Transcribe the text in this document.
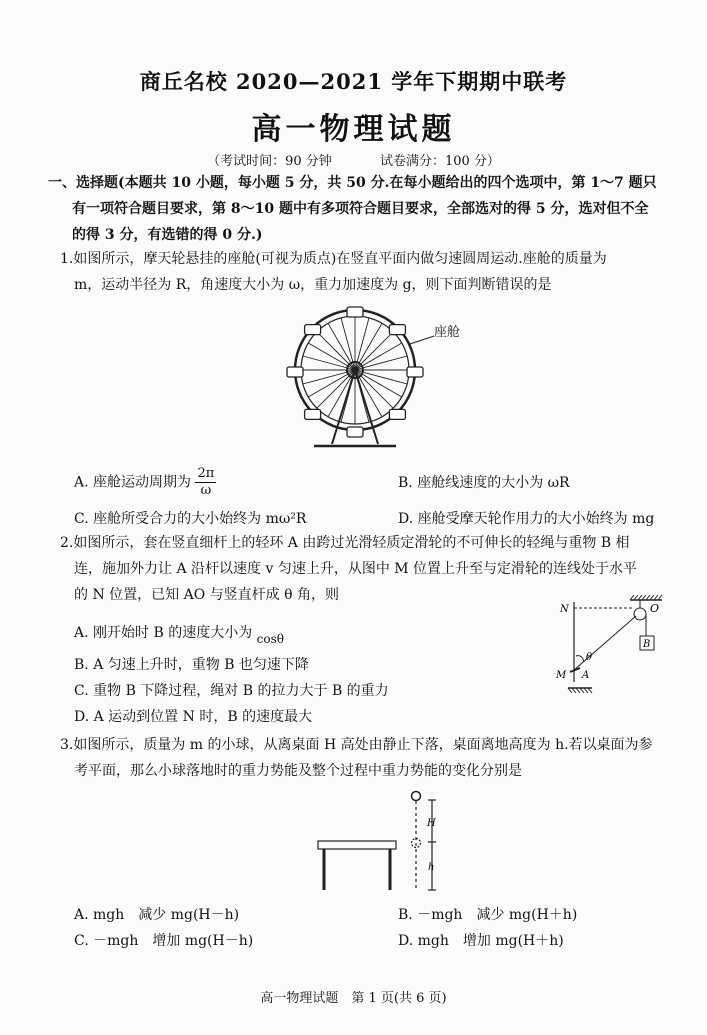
商丘名校 2020—2021 学年下期期中联考
高一物理试题
（考试时间：90 分钟	试卷满分：100 分）
一、选择题(本题共 10 小题，每小题 5 分，共 50 分.在每小题给出的四个选项中，第 1～7 题只
有一项符合题目要求，第 8～10 题中有多项符合题目要求，全部选对的得 5 分，选对但不全
的得 3 分，有选错的得 0 分.)
1.如图所示，摩天轮悬挂的座舱(可视为质点)在竖直平面内做匀速圆周运动.座舱的质量为
m，运动半径为 R，角速度大小为 ω，重力加速度为 g，则下面判断错误的是
座舱
A. 座舱运动周期为 $\frac{2\pi}{\omega}$	B. 座舱线速度的大小为 ωR
C. 座舱所受合力的大小始终为 mω²R	D. 座舱受摩天轮作用力的大小始终为 mg
2.如图所示，套在竖直细杆上的轻环 A 由跨过光滑轻质定滑轮的不可伸长的轻绳与重物 B 相
连，施加外力让 A 沿杆以速度 v 匀速上升，从图中 M 位置上升至与定滑轮的连线处于水平
的 N 位置，已知 AO 与竖直杆成 θ 角，则
A. 刚开始时 B 的速度大小为 cosθ
B. A 匀速上升时，重物 B 也匀速下降
C. 重物 B 下降过程，绳对 B 的拉力大于 B 的重力
D. A 运动到位置 N 时，B 的速度最大
N	O
B
M A
θ
3.如图所示，质量为 m 的小球，从离桌面 H 高处由静止下落，桌面离地高度为 h.若以桌面为参
考平面，那么小球落地时的重力势能及整个过程中重力势能的变化分别是
H
h
A. mgh　减少 mg(H－h)	B. －mgh　减少 mg(H＋h)
C. －mgh　增加 mg(H－h)	D. mgh　增加 mg(H＋h)
高一物理试题　第 1 页(共 6 页)
